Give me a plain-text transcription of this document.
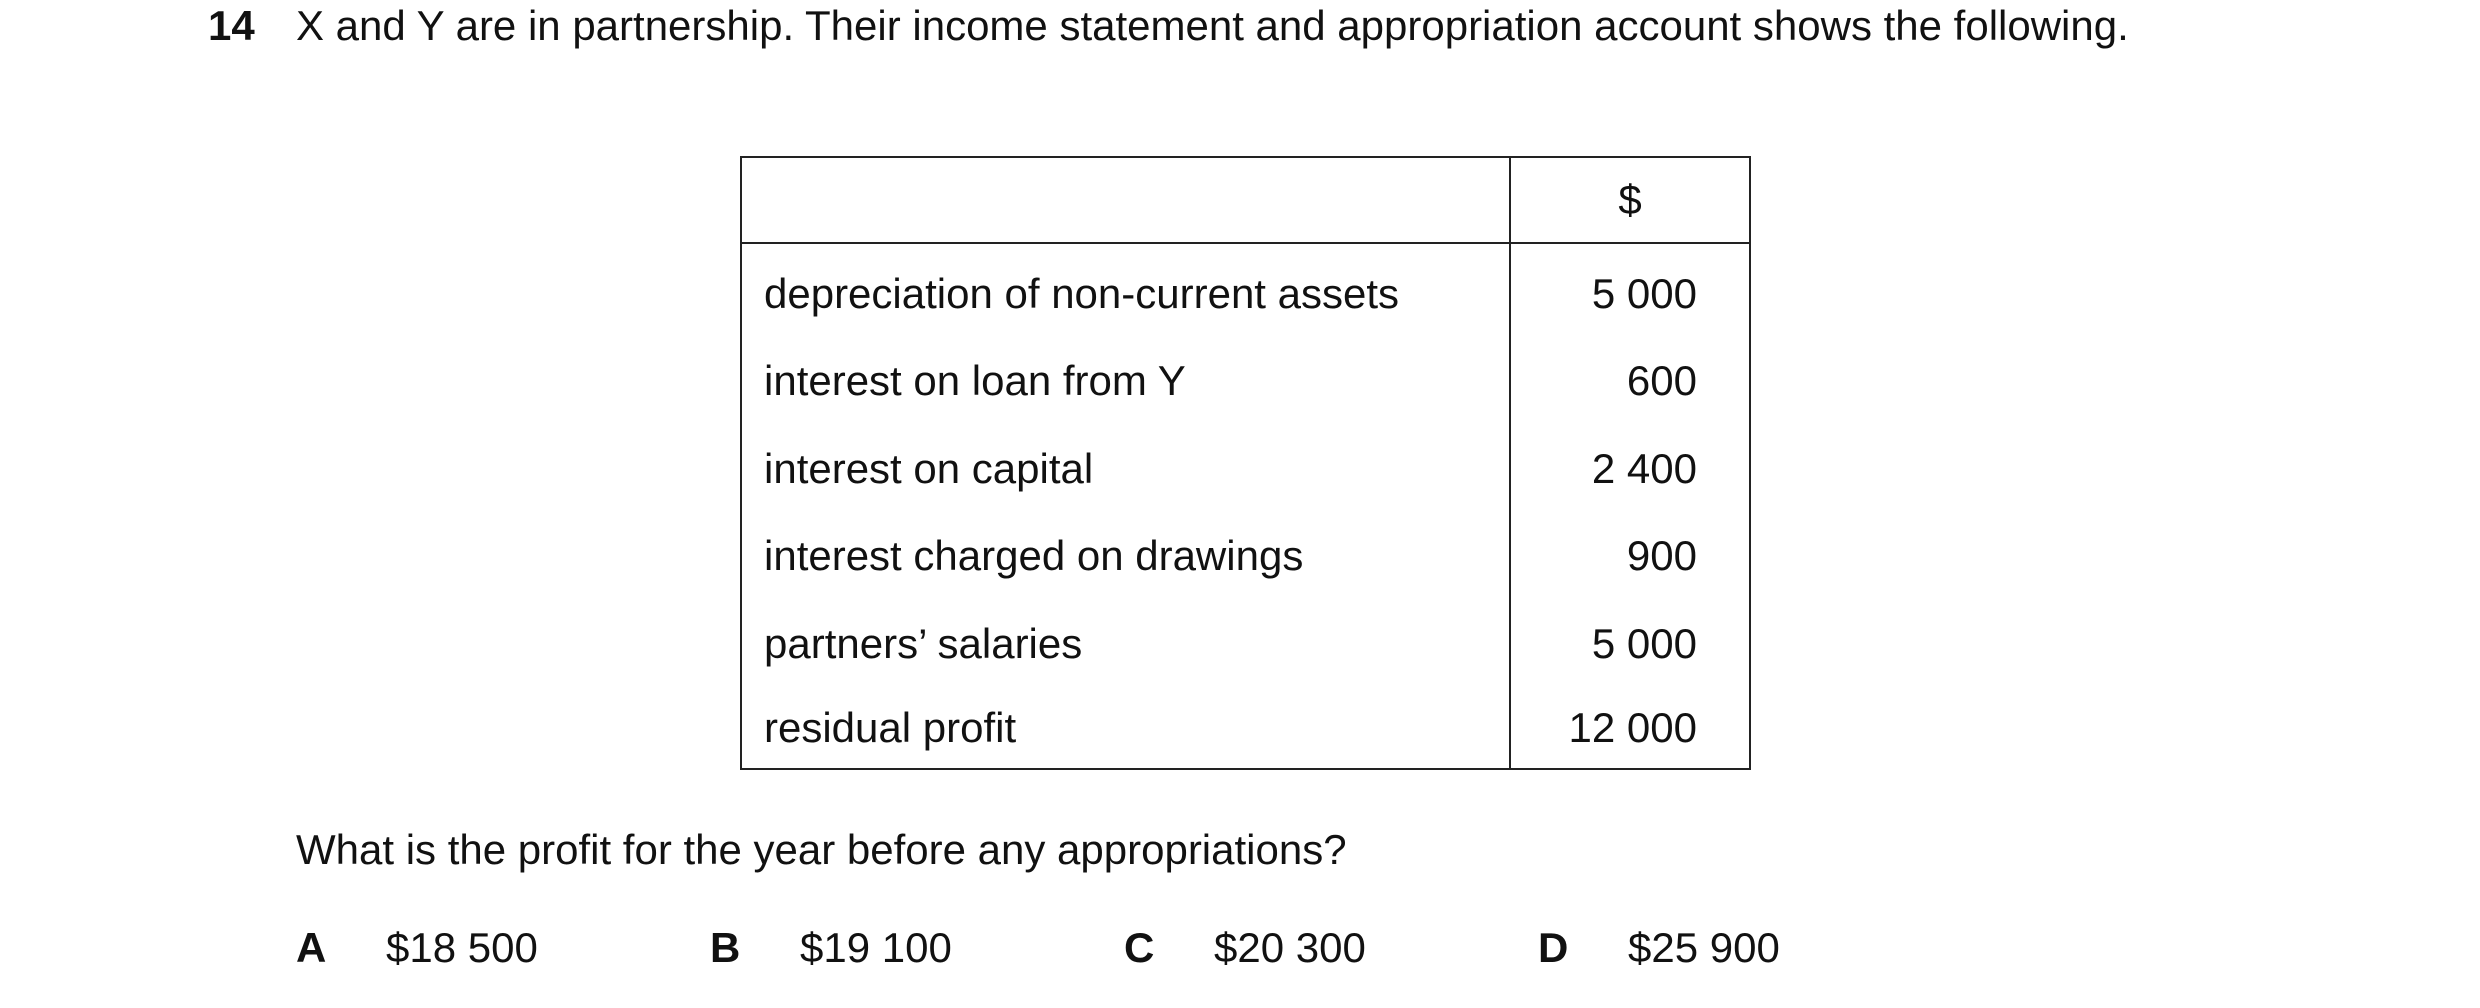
14 X and Y are in partnership. Their income statement and appropriation account shows the following.
	$
depreciation of non-current assets	5 000
interest on loan from Y	600
interest on capital	2 400
interest charged on drawings	900
partners’ salaries	5 000
residual profit	12 000
What is the profit for the year before any appropriations?
A $18 500	B $19 100	C $20 300	D $25 900
